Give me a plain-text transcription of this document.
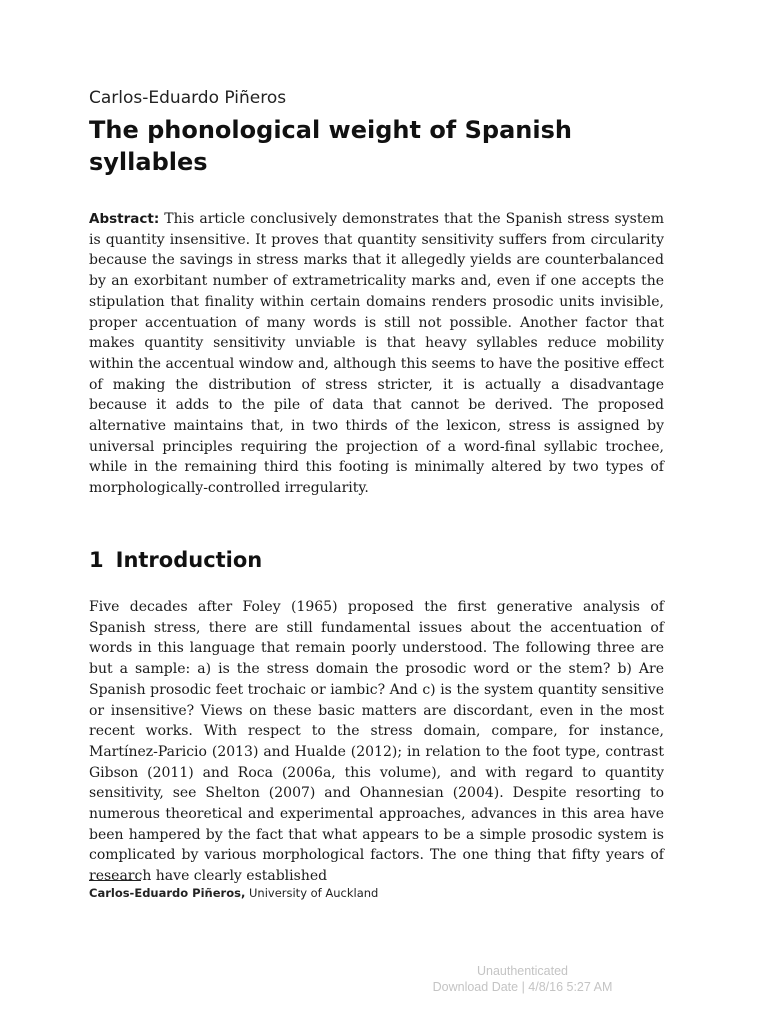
Carlos-Eduardo Piñeros
The phonological weight of Spanish syllables

Abstract: This article conclusively demonstrates that the Spanish stress system is quantity insensitive. It proves that quantity sensitivity suffers from circularity because the savings in stress marks that it allegedly yields are counterbalanced by an exorbitant number of extrametricality marks and, even if one accepts the stipulation that finality within certain domains renders prosodic units invisible, proper accentuation of many words is still not possible. Another factor that makes quantity sensitivity unviable is that heavy syllables reduce mobility within the accentual window and, although this seems to have the positive effect of making the distribution of stress stricter, it is actually a disadvantage because it adds to the pile of data that cannot be derived. The proposed alternative maintains that, in two thirds of the lexicon, stress is assigned by universal principles requiring the projection of a word-final syllabic trochee, while in the remaining third this footing is minimally altered by two types of morphologically-controlled irregularity.

1 Introduction

Five decades after Foley (1965) proposed the first generative analysis of Spanish stress, there are still fundamental issues about the accentuation of words in this language that remain poorly understood. The following three are but a sample: a) is the stress domain the prosodic word or the stem? b) Are Spanish prosodic feet trochaic or iambic? And c) is the system quantity sensitive or insensitive? Views on these basic matters are discordant, even in the most recent works. With respect to the stress domain, compare, for instance, Martínez-Paricio (2013) and Hualde (2012); in relation to the foot type, contrast Gibson (2011) and Roca (2006a, this volume), and with regard to quantity sensitivity, see Shelton (2007) and Ohannesian (2004). Despite resorting to numerous theoretical and experimental approaches, advances in this area have been hampered by the fact that what appears to be a simple prosodic system is complicated by various morphological factors. The one thing that fifty years of research have clearly established

Carlos-Eduardo Piñeros, University of Auckland
Unauthenticated
Download Date | 4/8/16 5:27 AM
